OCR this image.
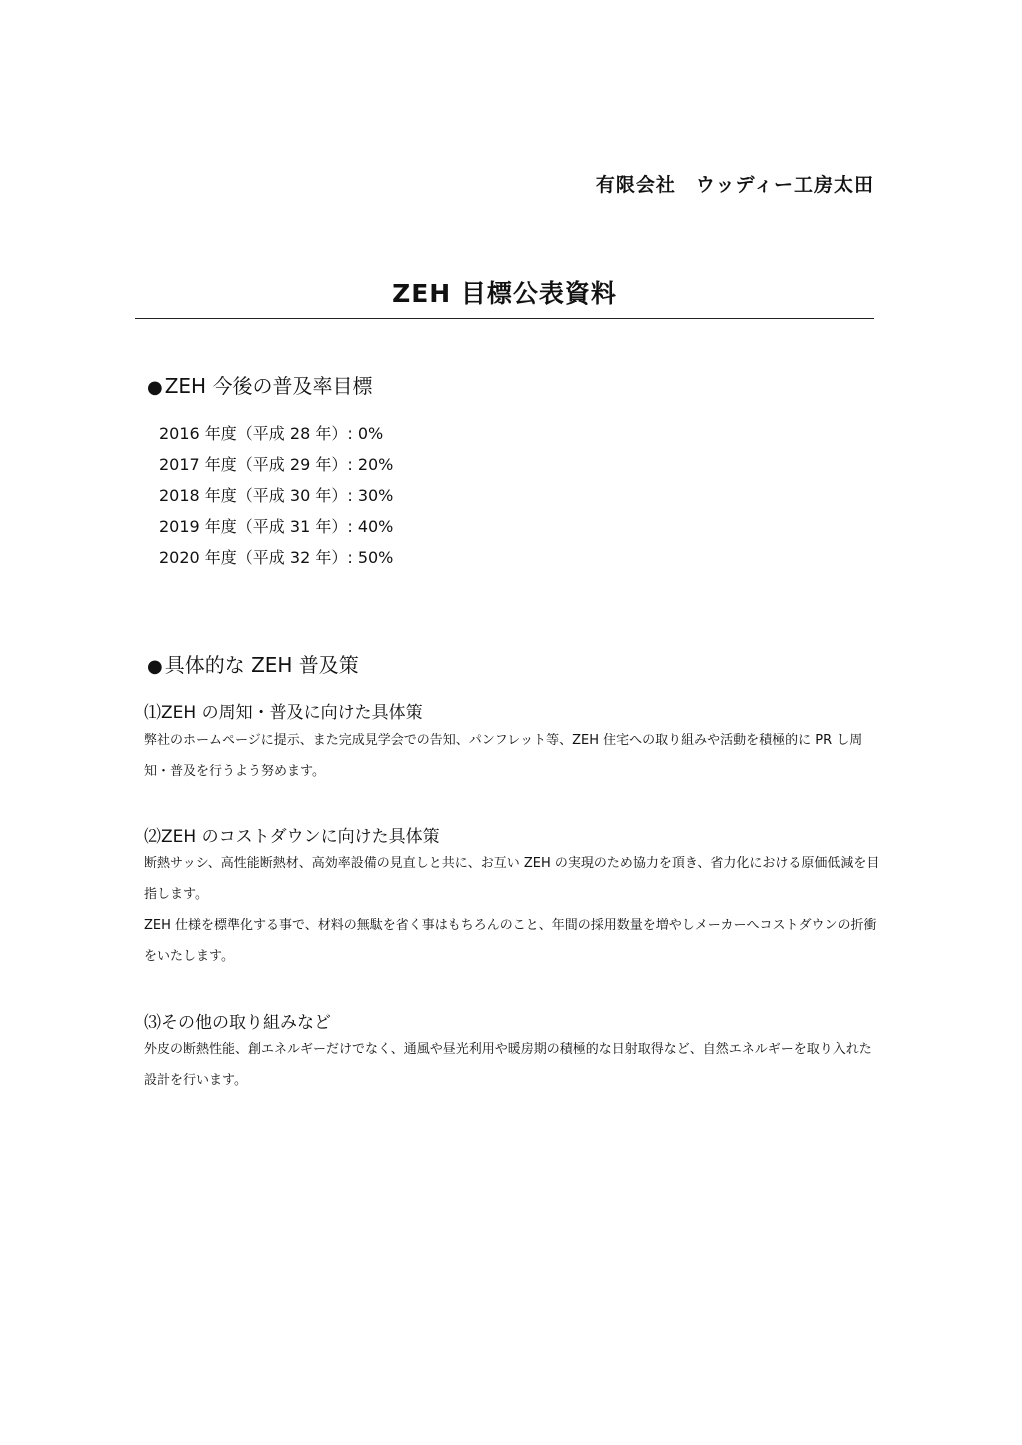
有限会社　ウッディー工房太田
ZEH 目標公表資料
● ZEH 今後の普及率目標
2016 年度（平成 28 年）: 0%
2017 年度（平成 29 年）: 20%
2018 年度（平成 30 年）: 30%
2019 年度（平成 31 年）: 40%
2020 年度（平成 32 年）: 50%
● 具体的な ZEH 普及策
⑴ZEH の周知・普及に向けた具体策

弊社のホームページに提示、また完成見学会での告知、パンフレット等、ZEH 住宅への取り組みや活動を積極的に PR し周知・普及を行うよう努めます。

⑵ZEH のコストダウンに向けた具体策

断熱サッシ、高性能断熱材、高効率設備の見直しと共に、お互い ZEH の実現のため協力を頂き、省力化における原価低減を目指します。

ZEH 仕様を標準化する事で、材料の無駄を省く事はもちろんのこと、年間の採用数量を増やしメーカーへコストダウンの折衝をいたします。

⑶その他の取り組みなど

外皮の断熱性能、創エネルギーだけでなく、通風や昼光利用や暖房期の積極的な日射取得など、自然エネルギーを取り入れた設計を行います。
